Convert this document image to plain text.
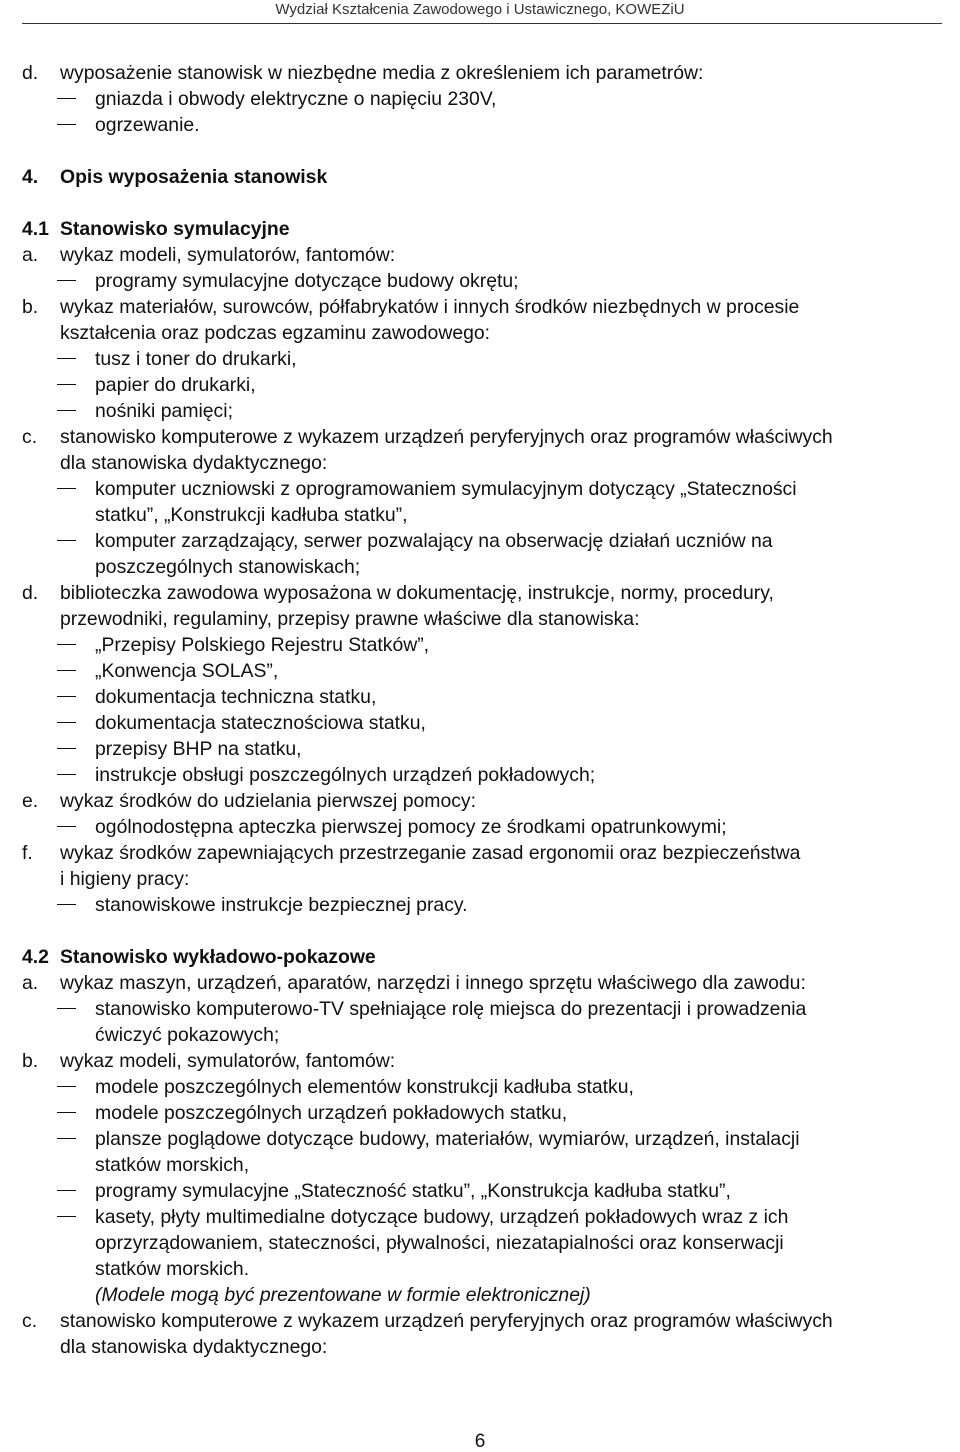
Wydział Kształcenia Zawodowego i Ustawicznego, KOWEZiU
d. wyposażenie stanowisk w niezbędne media z określeniem ich parametrów:
gniazda i obwody elektryczne o napięciu 230V,
ogrzewanie.
4. Opis wyposażenia stanowisk
4.1 Stanowisko symulacyjne
a. wykaz modeli, symulatorów, fantomów:
programy symulacyjne dotyczące budowy okrętu;
b. wykaz materiałów, surowców, półfabrykatów i innych środków niezbędnych w procesie
kształcenia oraz podczas egzaminu zawodowego:
tusz i toner do drukarki,
papier do drukarki,
nośniki pamięci;
c. stanowisko komputerowe z wykazem urządzeń peryferyjnych oraz programów właściwych
dla stanowiska dydaktycznego:
komputer uczniowski z oprogramowaniem symulacyjnym dotyczący „Stateczności
statku”, „Konstrukcji kadłuba statku”,
komputer zarządzający, serwer pozwalający na obserwację działań uczniów na
poszczególnych stanowiskach;
d. biblioteczka zawodowa wyposażona w dokumentację, instrukcje, normy, procedury,
przewodniki, regulaminy, przepisy prawne właściwe dla stanowiska:
„Przepisy Polskiego Rejestru Statków”,
„Konwencja SOLAS”,
dokumentacja techniczna statku,
dokumentacja statecznościowa statku,
przepisy BHP na statku,
instrukcje obsługi poszczególnych urządzeń pokładowych;
e. wykaz środków do udzielania pierwszej pomocy:
ogólnodostępna apteczka pierwszej pomocy ze środkami opatrunkowymi;
f. wykaz środków zapewniających przestrzeganie zasad ergonomii oraz bezpieczeństwa
i higieny pracy:
stanowiskowe instrukcje bezpiecznej pracy.
4.2 Stanowisko wykładowo-pokazowe
a. wykaz maszyn, urządzeń, aparatów, narzędzi i innego sprzętu właściwego dla zawodu:
stanowisko komputerowo-TV spełniające rolę miejsca do prezentacji i prowadzenia
ćwiczyć pokazowych;
b. wykaz modeli, symulatorów, fantomów:
modele poszczególnych elementów konstrukcji kadłuba statku,
modele poszczególnych urządzeń pokładowych statku,
plansze poglądowe dotyczące budowy, materiałów, wymiarów, urządzeń, instalacji
statków morskich,
programy symulacyjne „Stateczność statku”, „Konstrukcja kadłuba statku”,
kasety, płyty multimedialne dotyczące budowy, urządzeń pokładowych wraz z ich
oprzyrządowaniem, stateczności, pływalności, niezatapialności oraz konserwacji
statków morskich.
(Modele mogą być prezentowane w formie elektronicznej)
c. stanowisko komputerowe z wykazem urządzeń peryferyjnych oraz programów właściwych
dla stanowiska dydaktycznego:
6
